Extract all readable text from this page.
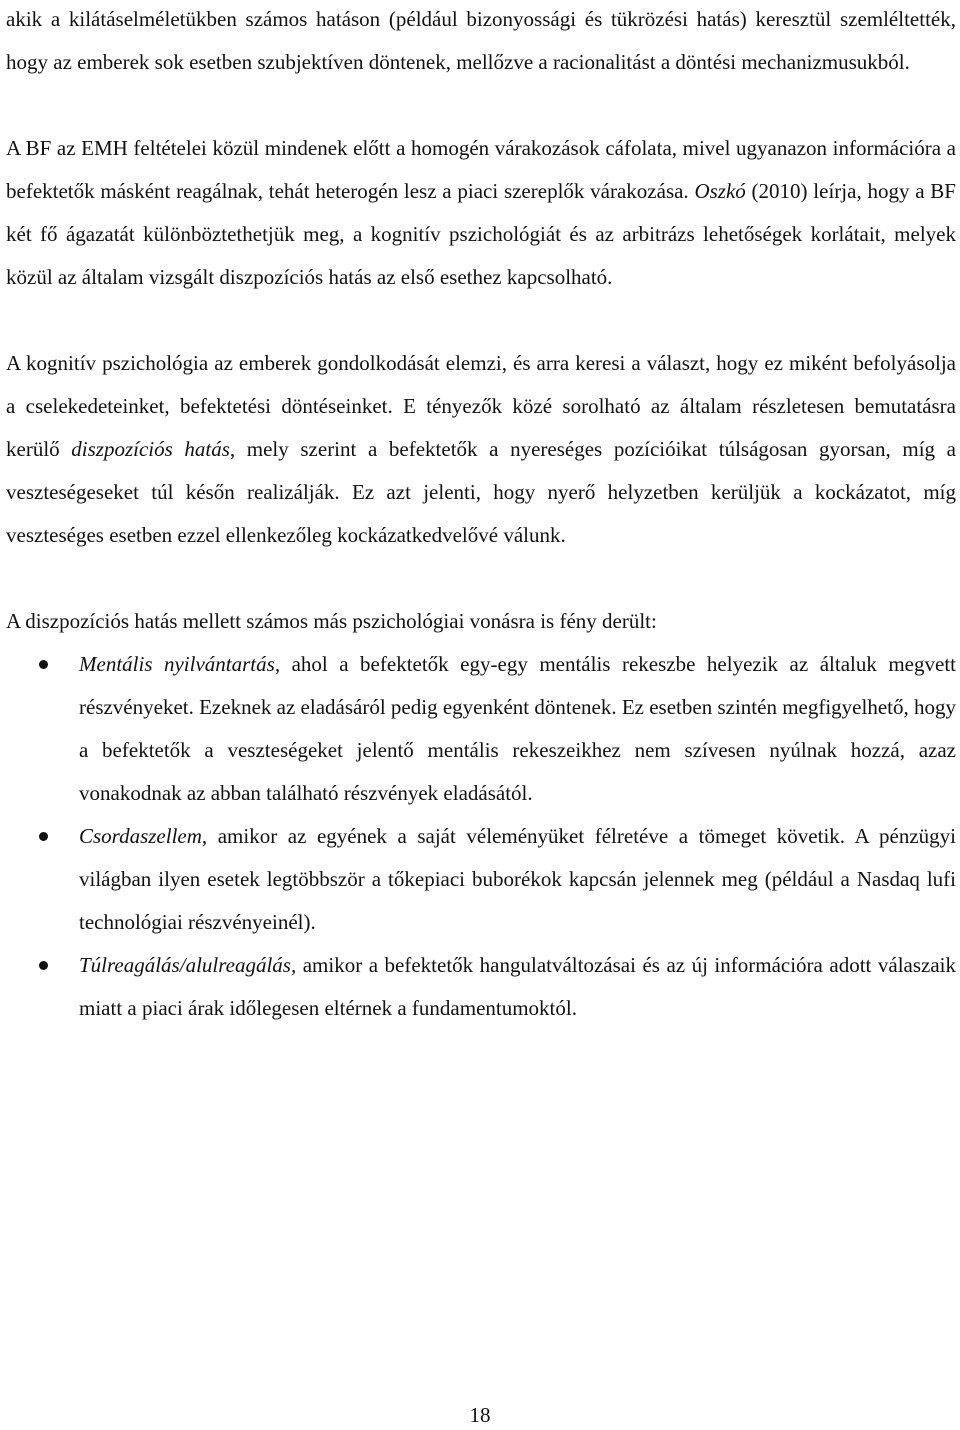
akik a kilátáselméletükben számos hatáson (például bizonyossági és tükrözési hatás) keresztül szemléltették, hogy az emberek sok esetben szubjektíven döntenek, mellőzve a racionalitást a döntési mechanizmusukból.

A BF az EMH feltételei közül mindenek előtt a homogén várakozások cáfolata, mivel ugyanazon információra a befektetők másként reagálnak, tehát heterogén lesz a piaci szereplők várakozása. Oszkó (2010) leírja, hogy a BF két fő ágazatát különböztethetjük meg, a kognitív pszichológiát és az arbitrázs lehetőségek korlátait, melyek közül az általam vizsgált diszpozíciós hatás az első esethez kapcsolható.

A kognitív pszichológia az emberek gondolkodását elemzi, és arra keresi a választ, hogy ez miként befolyásolja a cselekedeteinket, befektetési döntéseinket. E tényezők közé sorolható az általam részletesen bemutatásra kerülő diszpozíciós hatás, mely szerint a befektetők a nyereséges pozícióikat túlságosan gyorsan, míg a veszteségeseket túl későn realizálják. Ez azt jelenti, hogy nyerő helyzetben kerüljük a kockázatot, míg veszteséges esetben ezzel ellenkezőleg kockázatkedvelővé válunk.

A diszpozíciós hatás mellett számos más pszichológiai vonásra is fény derült:

Mentális nyilvántartás, ahol a befektetők egy-egy mentális rekeszbe helyezik az általuk megvett részvényeket. Ezeknek az eladásáról pedig egyenként döntenek. Ez esetben szintén megfigyelhető, hogy a befektetők a veszteségeket jelentő mentális rekeszeikhez nem szívesen nyúlnak hozzá, azaz vonakodnak az abban található részvények eladásától.
Csordaszellem, amikor az egyének a saját véleményüket félretéve a tömeget követik. A pénzügyi világban ilyen esetek legtöbbször a tőkepiaci buborékok kapcsán jelennek meg (például a Nasdaq lufi technológiai részvényeinél).
Túlreagálás/alulreagálás, amikor a befektetők hangulatváltozásai és az új információra adott válaszaik miatt a piaci árak időlegesen eltérnek a fundamentumoktól.
18
